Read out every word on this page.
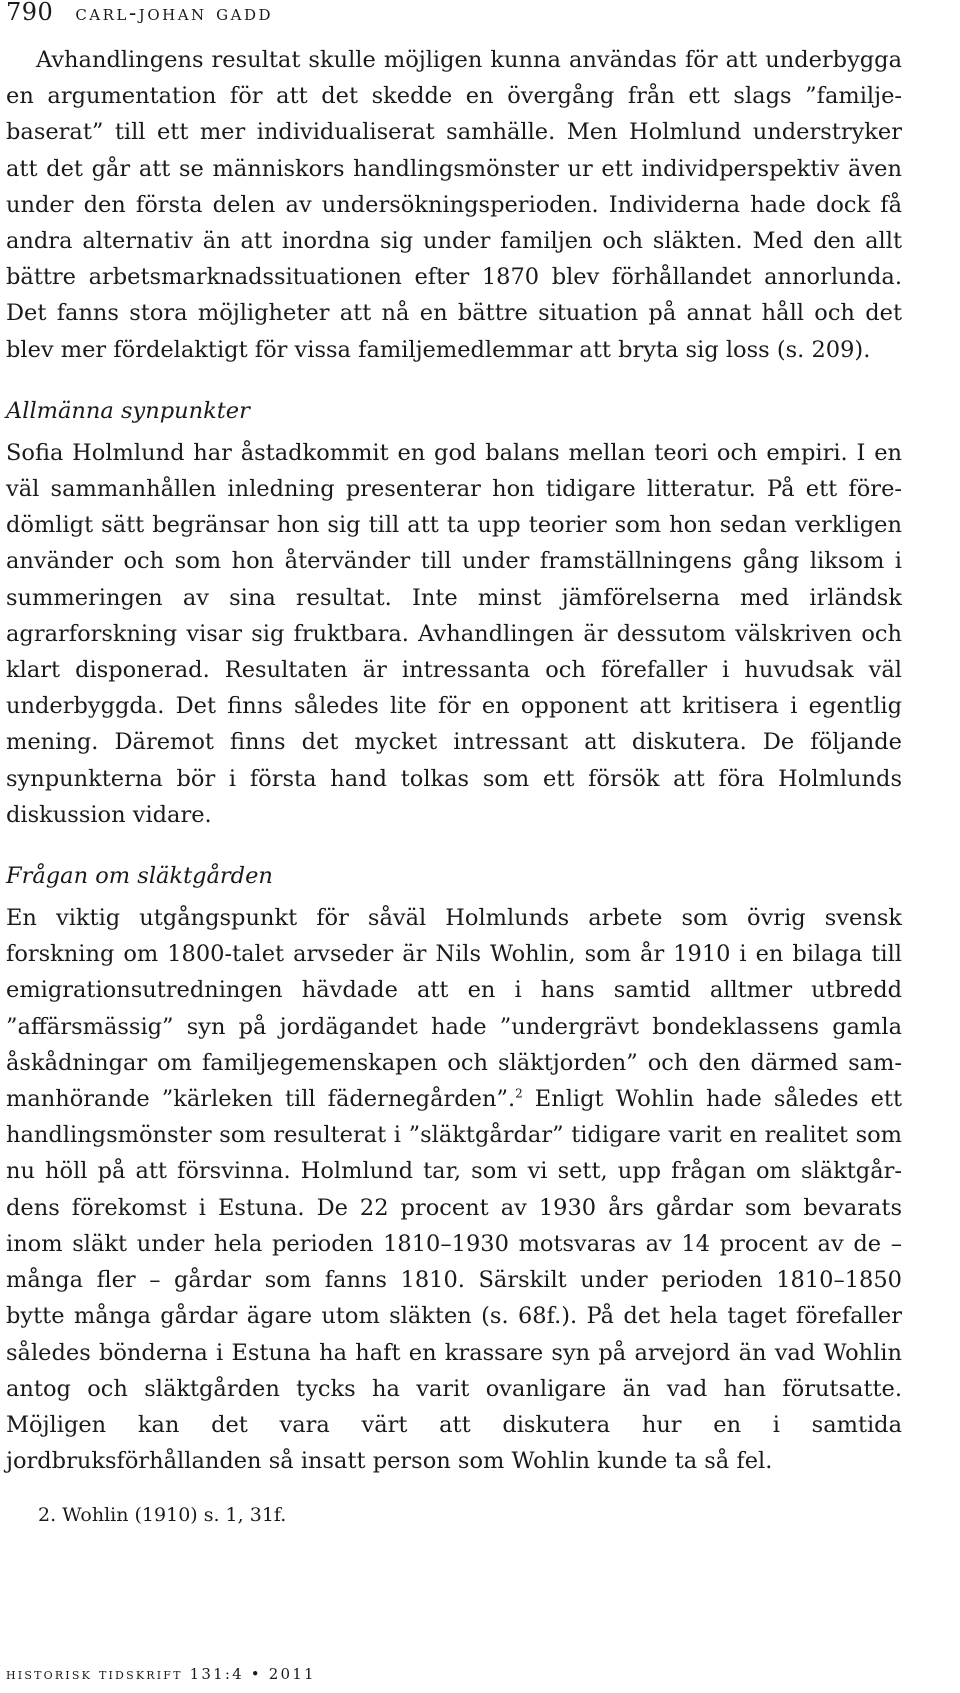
790 carl-johan gadd

Avhandlingens resultat skulle möjligen kunna användas för att underbygga en argumentation för att det skedde en övergång från ett slags ”familjebaserat” till ett mer individualiserat samhälle. Men Holmlund understryker att det går att se människors handlingsmönster ur ett individperspektiv även under den första delen av undersökningsperioden. Individerna hade dock få andra alternativ än att inordna sig under familjen och släkten. Med den allt bättre arbetsmarknadssituationen efter 1870 blev förhållandet annorlunda. Det fanns stora möjligheter att nå en bättre situation på annat håll och det blev mer fördelaktigt för vissa familjemedlemmar att bryta sig loss (s. 209).

Allmänna synpunkter

Sofia Holmlund har åstadkommit en god balans mellan teori och empiri. I en väl sammanhållen inledning presenterar hon tidigare litteratur. På ett föredömligt sätt begränsar hon sig till att ta upp teorier som hon sedan verkligen använder och som hon återvänder till under framställningens gång liksom i summeringen av sina resultat. Inte minst jämförelserna med irländsk agrarforskning visar sig fruktbara. Avhandlingen är dessutom välskriven och klart disponerad. Resultaten är intressanta och förefaller i huvudsak väl underbyggda. Det finns således lite för en opponent att kritisera i egentlig mening. Däremot finns det mycket intressant att diskutera. De följande synpunkterna bör i första hand tolkas som ett försök att föra Holmlunds diskussion vidare.

Frågan om släktgården

En viktig utgångspunkt för såväl Holmlunds arbete som övrig svensk forskning om 1800-talet arvseder är Nils Wohlin, som år 1910 i en bilaga till emigrationsutredningen hävdade att en i hans samtid alltmer utbredd ”affärsmässig” syn på jordägandet hade ”undergrävt bondeklassens gamla åskådningar om familjegemenskapen och släktjorden” och den därmed sammanhörande ”kärleken till fädernegården”.$^2$ Enligt Wohlin hade således ett handlingsmönster som resulterat i ”släktgårdar” tidigare varit en realitet som nu höll på att försvinna. Holmlund tar, som vi sett, upp frågan om släktgårdens förekomst i Estuna. De 22 procent av 1930 års gårdar som bevarats inom släkt under hela perioden 1810–1930 motsvaras av 14 procent av de – många fler – gårdar som fanns 1810. Särskilt under perioden 1810–1850 bytte många gårdar ägare utom släkten (s. 68f.). På det hela taget förefaller således bönderna i Estuna ha haft en krassare syn på arvejord än vad Wohlin antog och släktgården tycks ha varit ovanligare än vad han förutsatte. Möjligen kan det vara värt att diskutera hur en i samtida jordbruksförhållanden så insatt person som Wohlin kunde ta så fel.

2. Wohlin (1910) s. 1, 31f.
historisk tidskrift 131:4 • 2011
